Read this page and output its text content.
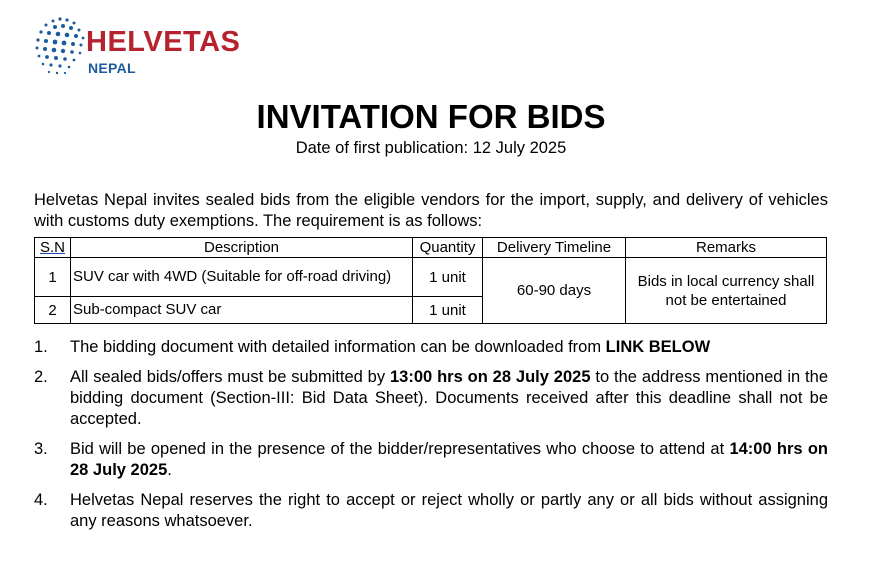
HELVETAS
NEPAL
INVITATION FOR BIDS
Date of first publication: 12 July 2025
Helvetas Nepal invites sealed bids from the eligible vendors for the import, supply, and delivery of vehicles with customs duty exemptions. The requirement is as follows:
S.N	Description	Quantity	Delivery Timeline	Remarks
1	SUV car with 4WD (Suitable for off-road driving)	1 unit	60-90 days	Bids in local currency shall not be entertained
2	Sub-compact SUV car	1 unit		
1. The bidding document with detailed information can be downloaded from LINK BELOW
2. All sealed bids/offers must be submitted by 13:00 hrs on 28 July 2025 to the address mentioned in the bidding document (Section-III: Bid Data Sheet). Documents received after this deadline shall not be accepted.
3. Bid will be opened in the presence of the bidder/representatives who choose to attend at 14:00 hrs on 28 July 2025.
4. Helvetas Nepal reserves the right to accept or reject wholly or partly any or all bids without assigning any reasons whatsoever.
